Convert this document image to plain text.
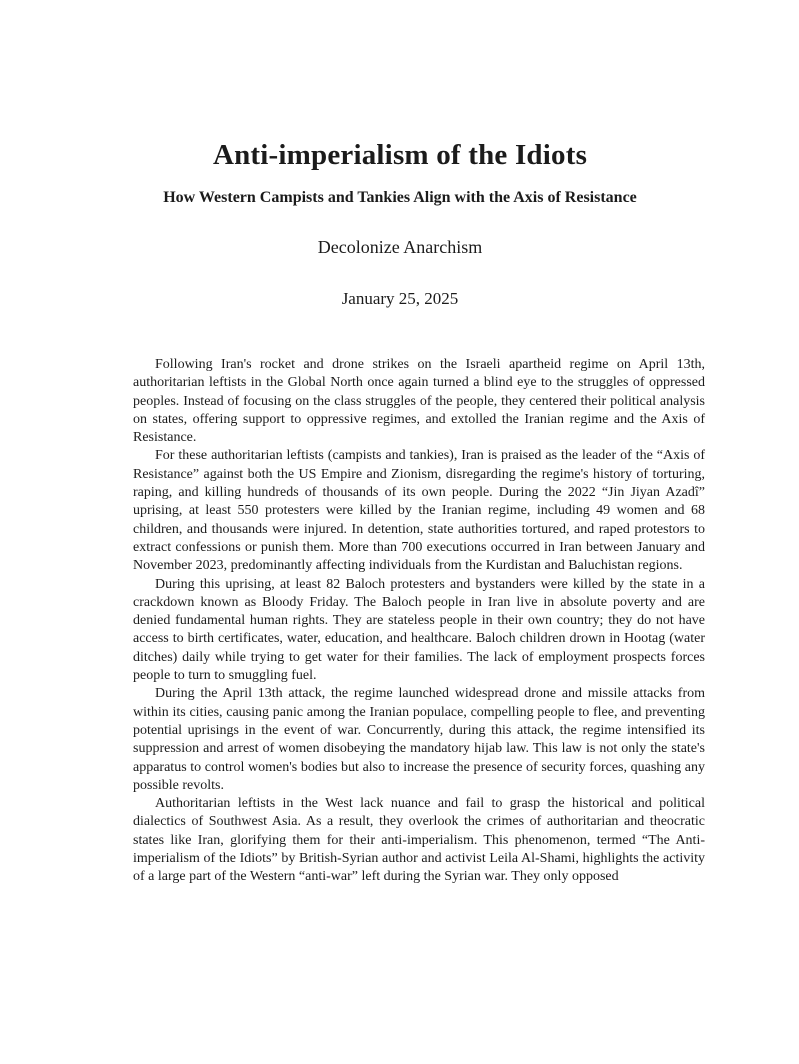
Anti-imperialism of the Idiots
How Western Campists and Tankies Align with the Axis of Resistance
Decolonize Anarchism
January 25, 2025

Following Iran's rocket and drone strikes on the Israeli apartheid regime on April 13th, authoritarian leftists in the Global North once again turned a blind eye to the struggles of oppressed peoples. Instead of focusing on the class struggles of the people, they centered their political analysis on states, offering support to oppressive regimes, and extolled the Iranian regime and the Axis of Resistance.

For these authoritarian leftists (campists and tankies), Iran is praised as the leader of the “Axis of Resistance” against both the US Empire and Zionism, disregarding the regime's history of torturing, raping, and killing hundreds of thousands of its own people. During the 2022 “Jin Jiyan Azadî” uprising, at least 550 protesters were killed by the Iranian regime, including 49 women and 68 children, and thousands were injured. In detention, state authorities tortured, and raped protestors to extract confessions or punish them. More than 700 executions occurred in Iran between January and November 2023, predominantly affecting individuals from the Kurdistan and Baluchistan regions.

During this uprising, at least 82 Baloch protesters and bystanders were killed by the state in a crackdown known as Bloody Friday. The Baloch people in Iran live in absolute poverty and are denied fundamental human rights. They are stateless people in their own country; they do not have access to birth certificates, water, education, and healthcare. Baloch children drown in Hootag (water ditches) daily while trying to get water for their families. The lack of employment prospects forces people to turn to smuggling fuel.

During the April 13th attack, the regime launched widespread drone and missile attacks from within its cities, causing panic among the Iranian populace, compelling people to flee, and preventing potential uprisings in the event of war. Concurrently, during this attack, the regime intensified its suppression and arrest of women disobeying the mandatory hijab law. This law is not only the state's apparatus to control women's bodies but also to increase the presence of security forces, quashing any possible revolts.

Authoritarian leftists in the West lack nuance and fail to grasp the historical and political dialectics of Southwest Asia. As a result, they overlook the crimes of authoritarian and theocratic states like Iran, glorifying them for their anti-imperialism. This phenomenon, termed “The Anti-imperialism of the Idiots” by British-Syrian author and activist Leila Al-Shami, highlights the activity of a large part of the Western “anti-war” left during the Syrian war. They only opposed
